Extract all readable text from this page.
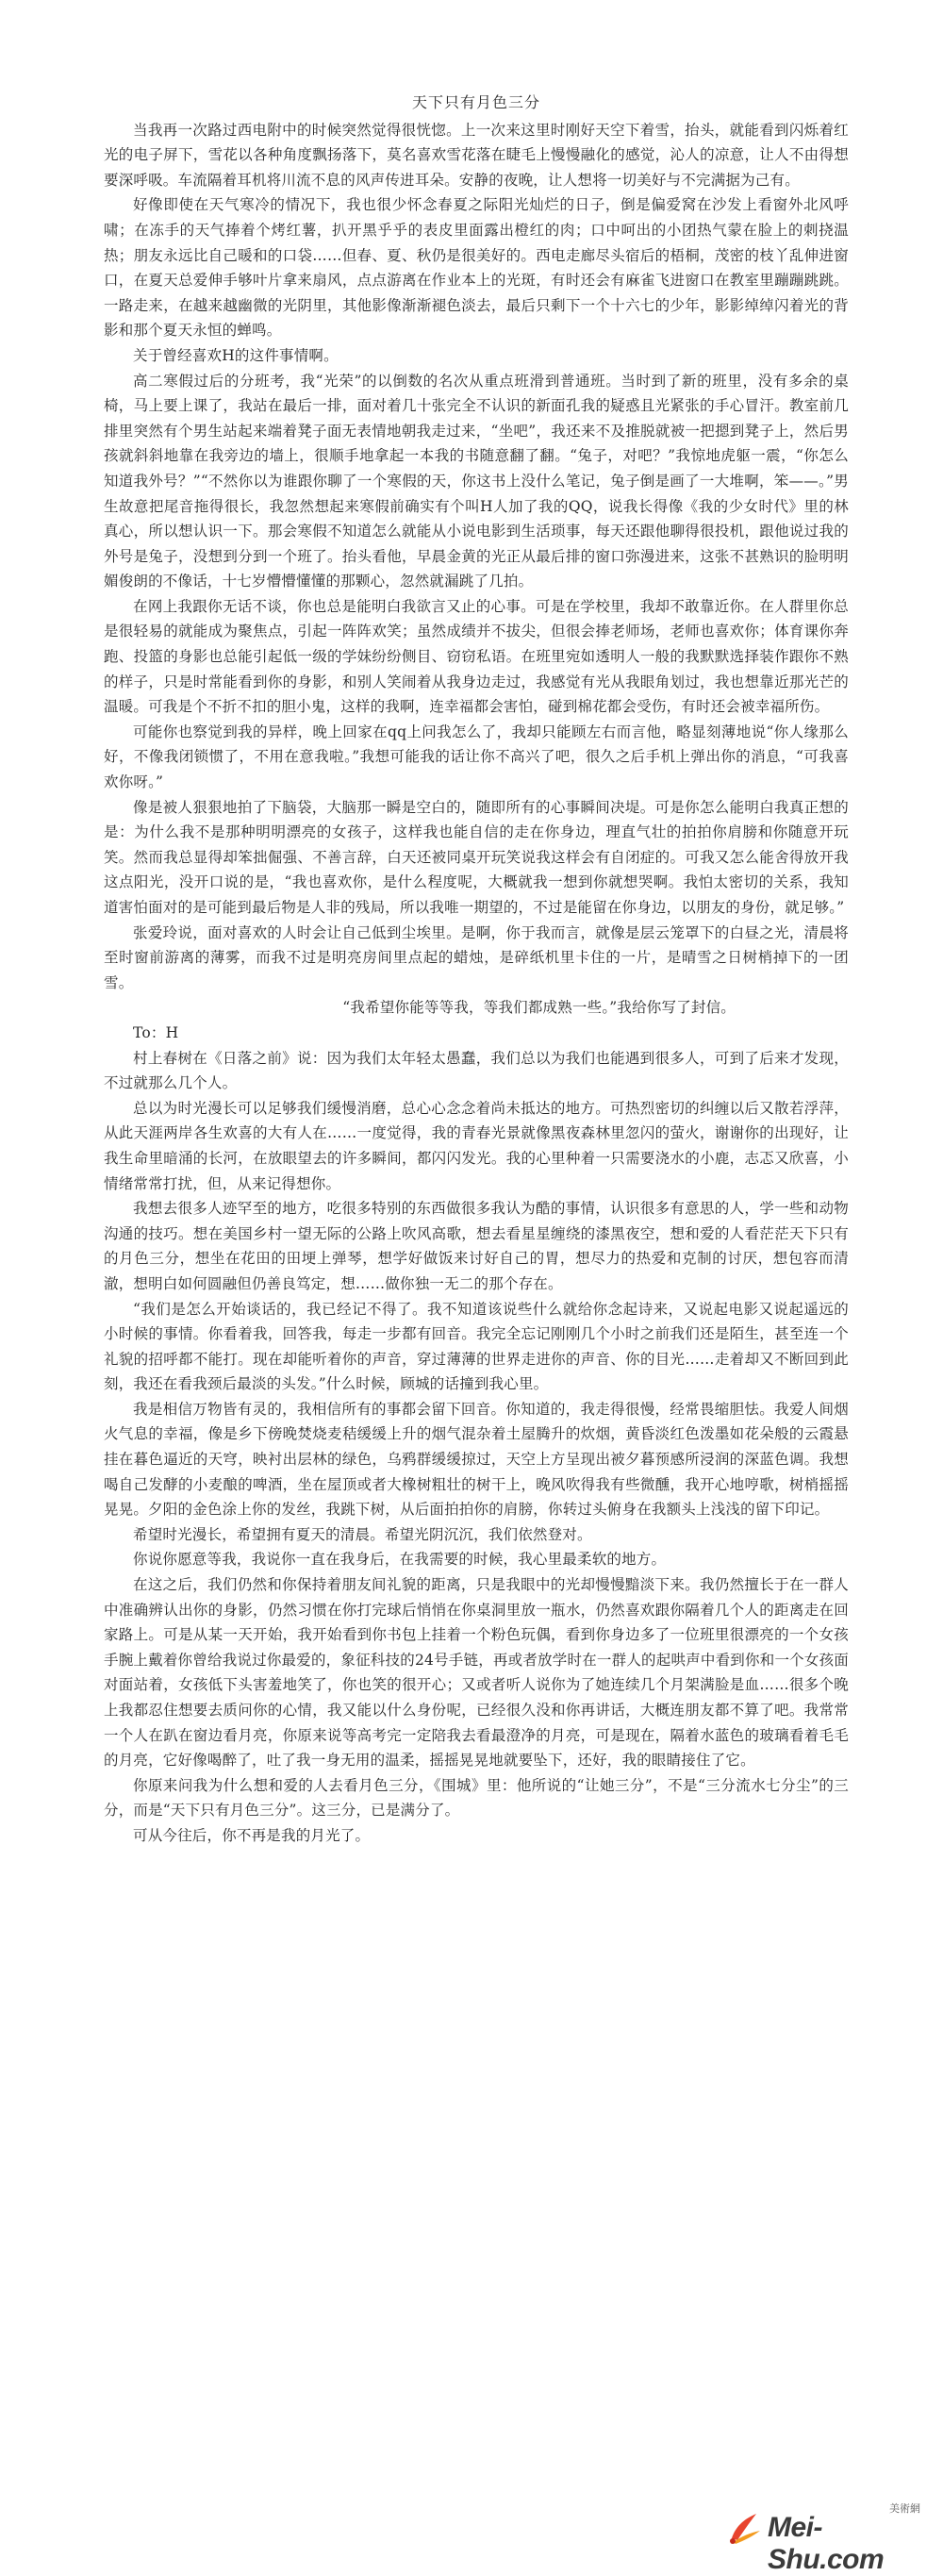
天下只有月色三分

当我再一次路过西电附中的时候突然觉得很恍惚。上一次来这里时刚好天空下着雪，抬头，就能看到闪烁着红光的电子屏下，雪花以各种角度飘扬落下，莫名喜欢雪花落在睫毛上慢慢融化的感觉，沁人的凉意，让人不由得想要深呼吸。车流隔着耳机将川流不息的风声传进耳朵。安静的夜晚，让人想将一切美好与不完满据为己有。

好像即使在天气寒冷的情况下，我也很少怀念春夏之际阳光灿烂的日子，倒是偏爱窝在沙发上看窗外北风呼啸；在冻手的天气捧着个烤红薯，扒开黑乎乎的表皮里面露出橙红的肉；口中呵出的小团热气蒙在脸上的刺挠温热；朋友永远比自己暖和的口袋……但春、夏、秋仍是很美好的。西电走廊尽头宿后的梧桐，茂密的枝丫乱伸进窗口，在夏天总爱伸手够叶片拿来扇风，点点游离在作业本上的光斑，有时还会有麻雀飞进窗口在教室里蹦蹦跳跳。一路走来，在越来越幽微的光阴里，其他影像渐渐褪色淡去，最后只剩下一个十六七的少年，影影绰绰闪着光的背影和那个夏天永恒的蝉鸣。

关于曾经喜欢H的这件事情啊。

高二寒假过后的分班考，我“光荣”的以倒数的名次从重点班滑到普通班。当时到了新的班里，没有多余的桌椅，马上要上课了，我站在最后一排，面对着几十张完全不认识的新面孔我的疑惑且光紧张的手心冒汗。教室前几排里突然有个男生站起来端着凳子面无表情地朝我走过来，“坐吧”，我还来不及推脱就被一把摁到凳子上，然后男孩就斜斜地靠在我旁边的墙上，很顺手地拿起一本我的书随意翻了翻。“兔子，对吧？”我惊地虎躯一震，“你怎么知道我外号？”“不然你以为谁跟你聊了一个寒假的天，你这书上没什么笔记，兔子倒是画了一大堆啊，笨——。”男生故意把尾音拖得很长，我忽然想起来寒假前确实有个叫H人加了我的QQ，说我长得像《我的少女时代》里的林真心，所以想认识一下。那会寒假不知道怎么就能从小说电影到生活琐事，每天还跟他聊得很投机，跟他说过我的外号是兔子，没想到分到一个班了。抬头看他，早晨金黄的光正从最后排的窗口弥漫进来，这张不甚熟识的脸明明媚俊朗的不像话，十七岁懵懵懂懂的那颗心，忽然就漏跳了几拍。

在网上我跟你无话不谈，你也总是能明白我欲言又止的心事。可是在学校里，我却不敢靠近你。在人群里你总是很轻易的就能成为聚焦点，引起一阵阵欢笑；虽然成绩并不拔尖，但很会捧老师场，老师也喜欢你；体育课你奔跑、投篮的身影也总能引起低一级的学妹纷纷侧目、窃窃私语。在班里宛如透明人一般的我默默选择装作跟你不熟的样子，只是时常能看到你的身影，和别人笑闹着从我身边走过，我感觉有光从我眼角划过，我也想靠近那光芒的温暖。可我是个不折不扣的胆小鬼，这样的我啊，连幸福都会害怕，碰到棉花都会受伤，有时还会被幸福所伤。

可能你也察觉到我的异样，晚上回家在qq上问我怎么了，我却只能顾左右而言他，略显刻薄地说“你人缘那么好，不像我闭锁惯了，不用在意我啦。”我想可能我的话让你不高兴了吧，很久之后手机上弹出你的消息，“可我喜欢你呀。”

像是被人狠狠地拍了下脑袋，大脑那一瞬是空白的，随即所有的心事瞬间决堤。可是你怎么能明白我真正想的是：为什么我不是那种明明漂亮的女孩子，这样我也能自信的走在你身边，理直气壮的拍拍你肩膀和你随意开玩笑。然而我总显得却笨拙倔强、不善言辞，白天还被同桌开玩笑说我这样会有自闭症的。可我又怎么能舍得放开我这点阳光，没开口说的是，“我也喜欢你，是什么程度呢，大概就我一想到你就想哭啊。我怕太密切的关系，我知道害怕面对的是可能到最后物是人非的残局，所以我唯一期望的，不过是能留在你身边，以朋友的身份，就足够。”

张爱玲说，面对喜欢的人时会让自己低到尘埃里。是啊，你于我而言，就像是层云笼罩下的白昼之光，清晨将至时窗前游离的薄雾，而我不过是明亮房间里点起的蜡烛，是碎纸机里卡住的一片，是晴雪之日树梢掉下的一团雪。

“我希望你能等等我，等我们都成熟一些。”我给你写了封信。

To：H

村上春树在《日落之前》说：因为我们太年轻太愚蠢，我们总以为我们也能遇到很多人，可到了后来才发现，不过就那么几个人。

总以为时光漫长可以足够我们缓慢消磨，总心心念念着尚未抵达的地方。可热烈密切的纠缠以后又散若浮萍，从此天涯两岸各生欢喜的大有人在……一度觉得，我的青春光景就像黑夜森林里忽闪的萤火，谢谢你的出现好，让我生命里暗涌的长河，在放眼望去的许多瞬间，都闪闪发光。我的心里种着一只需要浇水的小鹿，志忑又欣喜，小情绪常常打扰，但，从来记得想你。

我想去很多人迹罕至的地方，吃很多特别的东西做很多我认为酷的事情，认识很多有意思的人，学一些和动物沟通的技巧。想在美国乡村一望无际的公路上吹风高歌，想去看星星缠绕的漆黑夜空，想和爱的人看茫茫天下只有的月色三分，想坐在花田的田埂上弹琴，想学好做饭来讨好自己的胃，想尽力的热爱和克制的讨厌，想包容而清澈，想明白如何圆融但仍善良笃定，想……做你独一无二的那个存在。

“我们是怎么开始谈话的，我已经记不得了。我不知道该说些什么就给你念起诗来，又说起电影又说起遥远的小时候的事情。你看着我，回答我，每走一步都有回音。我完全忘记刚刚几个小时之前我们还是陌生，甚至连一个礼貌的招呼都不能打。现在却能听着你的声音，穿过薄薄的世界走进你的声音、你的目光……走着却又不断回到此刻，我还在看我颈后最淡的头发。”什么时候，顾城的话撞到我心里。

我是相信万物皆有灵的，我相信所有的事都会留下回音。你知道的，我走得很慢，经常畏缩胆怯。我爱人间烟火气息的幸福，像是乡下傍晚焚烧麦秸缓缓上升的烟气混杂着土屋腾升的炊烟，黄昏淡红色泼墨如花朵般的云霞悬挂在暮色逼近的天穹，映衬出层林的绿色，乌鸦群缓缓掠过，天空上方呈现出被夕暮预感所浸润的深蓝色调。我想喝自己发酵的小麦酿的啤酒，坐在屋顶或者大橡树粗壮的树干上，晚风吹得我有些微醺，我开心地哼歌，树梢摇摇晃晃。夕阳的金色涂上你的发丝，我跳下树，从后面拍拍你的肩膀，你转过头俯身在我额头上浅浅的留下印记。

希望时光漫长，希望拥有夏天的清晨。希望光阴沉沉，我们依然登对。

你说你愿意等我，我说你一直在我身后，在我需要的时候，我心里最柔软的地方。

在这之后，我们仍然和你保持着朋友间礼貌的距离，只是我眼中的光却慢慢黯淡下来。我仍然擅长于在一群人中准确辨认出你的身影，仍然习惯在你打完球后悄悄在你桌洞里放一瓶水，仍然喜欢跟你隔着几个人的距离走在回家路上。可是从某一天开始，我开始看到你书包上挂着一个粉色玩偶，看到你身边多了一位班里很漂亮的一个女孩手腕上戴着你曾给我说过你最爱的，象征科技的24号手链，再或者放学时在一群人的起哄声中看到你和一个女孩面对面站着，女孩低下头害羞地笑了，你也笑的很开心；又或者听人说你为了她连续几个月架满脸是血……很多个晚上我都忍住想要去质问你的心情，我又能以什么身份呢，已经很久没和你再讲话，大概连朋友都不算了吧。我常常一个人在趴在窗边看月亮，你原来说等高考完一定陪我去看最澄净的月亮，可是现在，隔着水蓝色的玻璃看着毛毛的月亮，它好像喝醉了，吐了我一身无用的温柔，摇摇晃晃地就要坠下，还好，我的眼睛接住了它。

你原来问我为什么想和爱的人去看月色三分，《围城》里：他所说的“让她三分”，不是“三分流水七分尘”的三分，而是“天下只有月色三分”。这三分，已是满分了。

可从今往后，你不再是我的月光了。

Mei-Shu.com
美術網
